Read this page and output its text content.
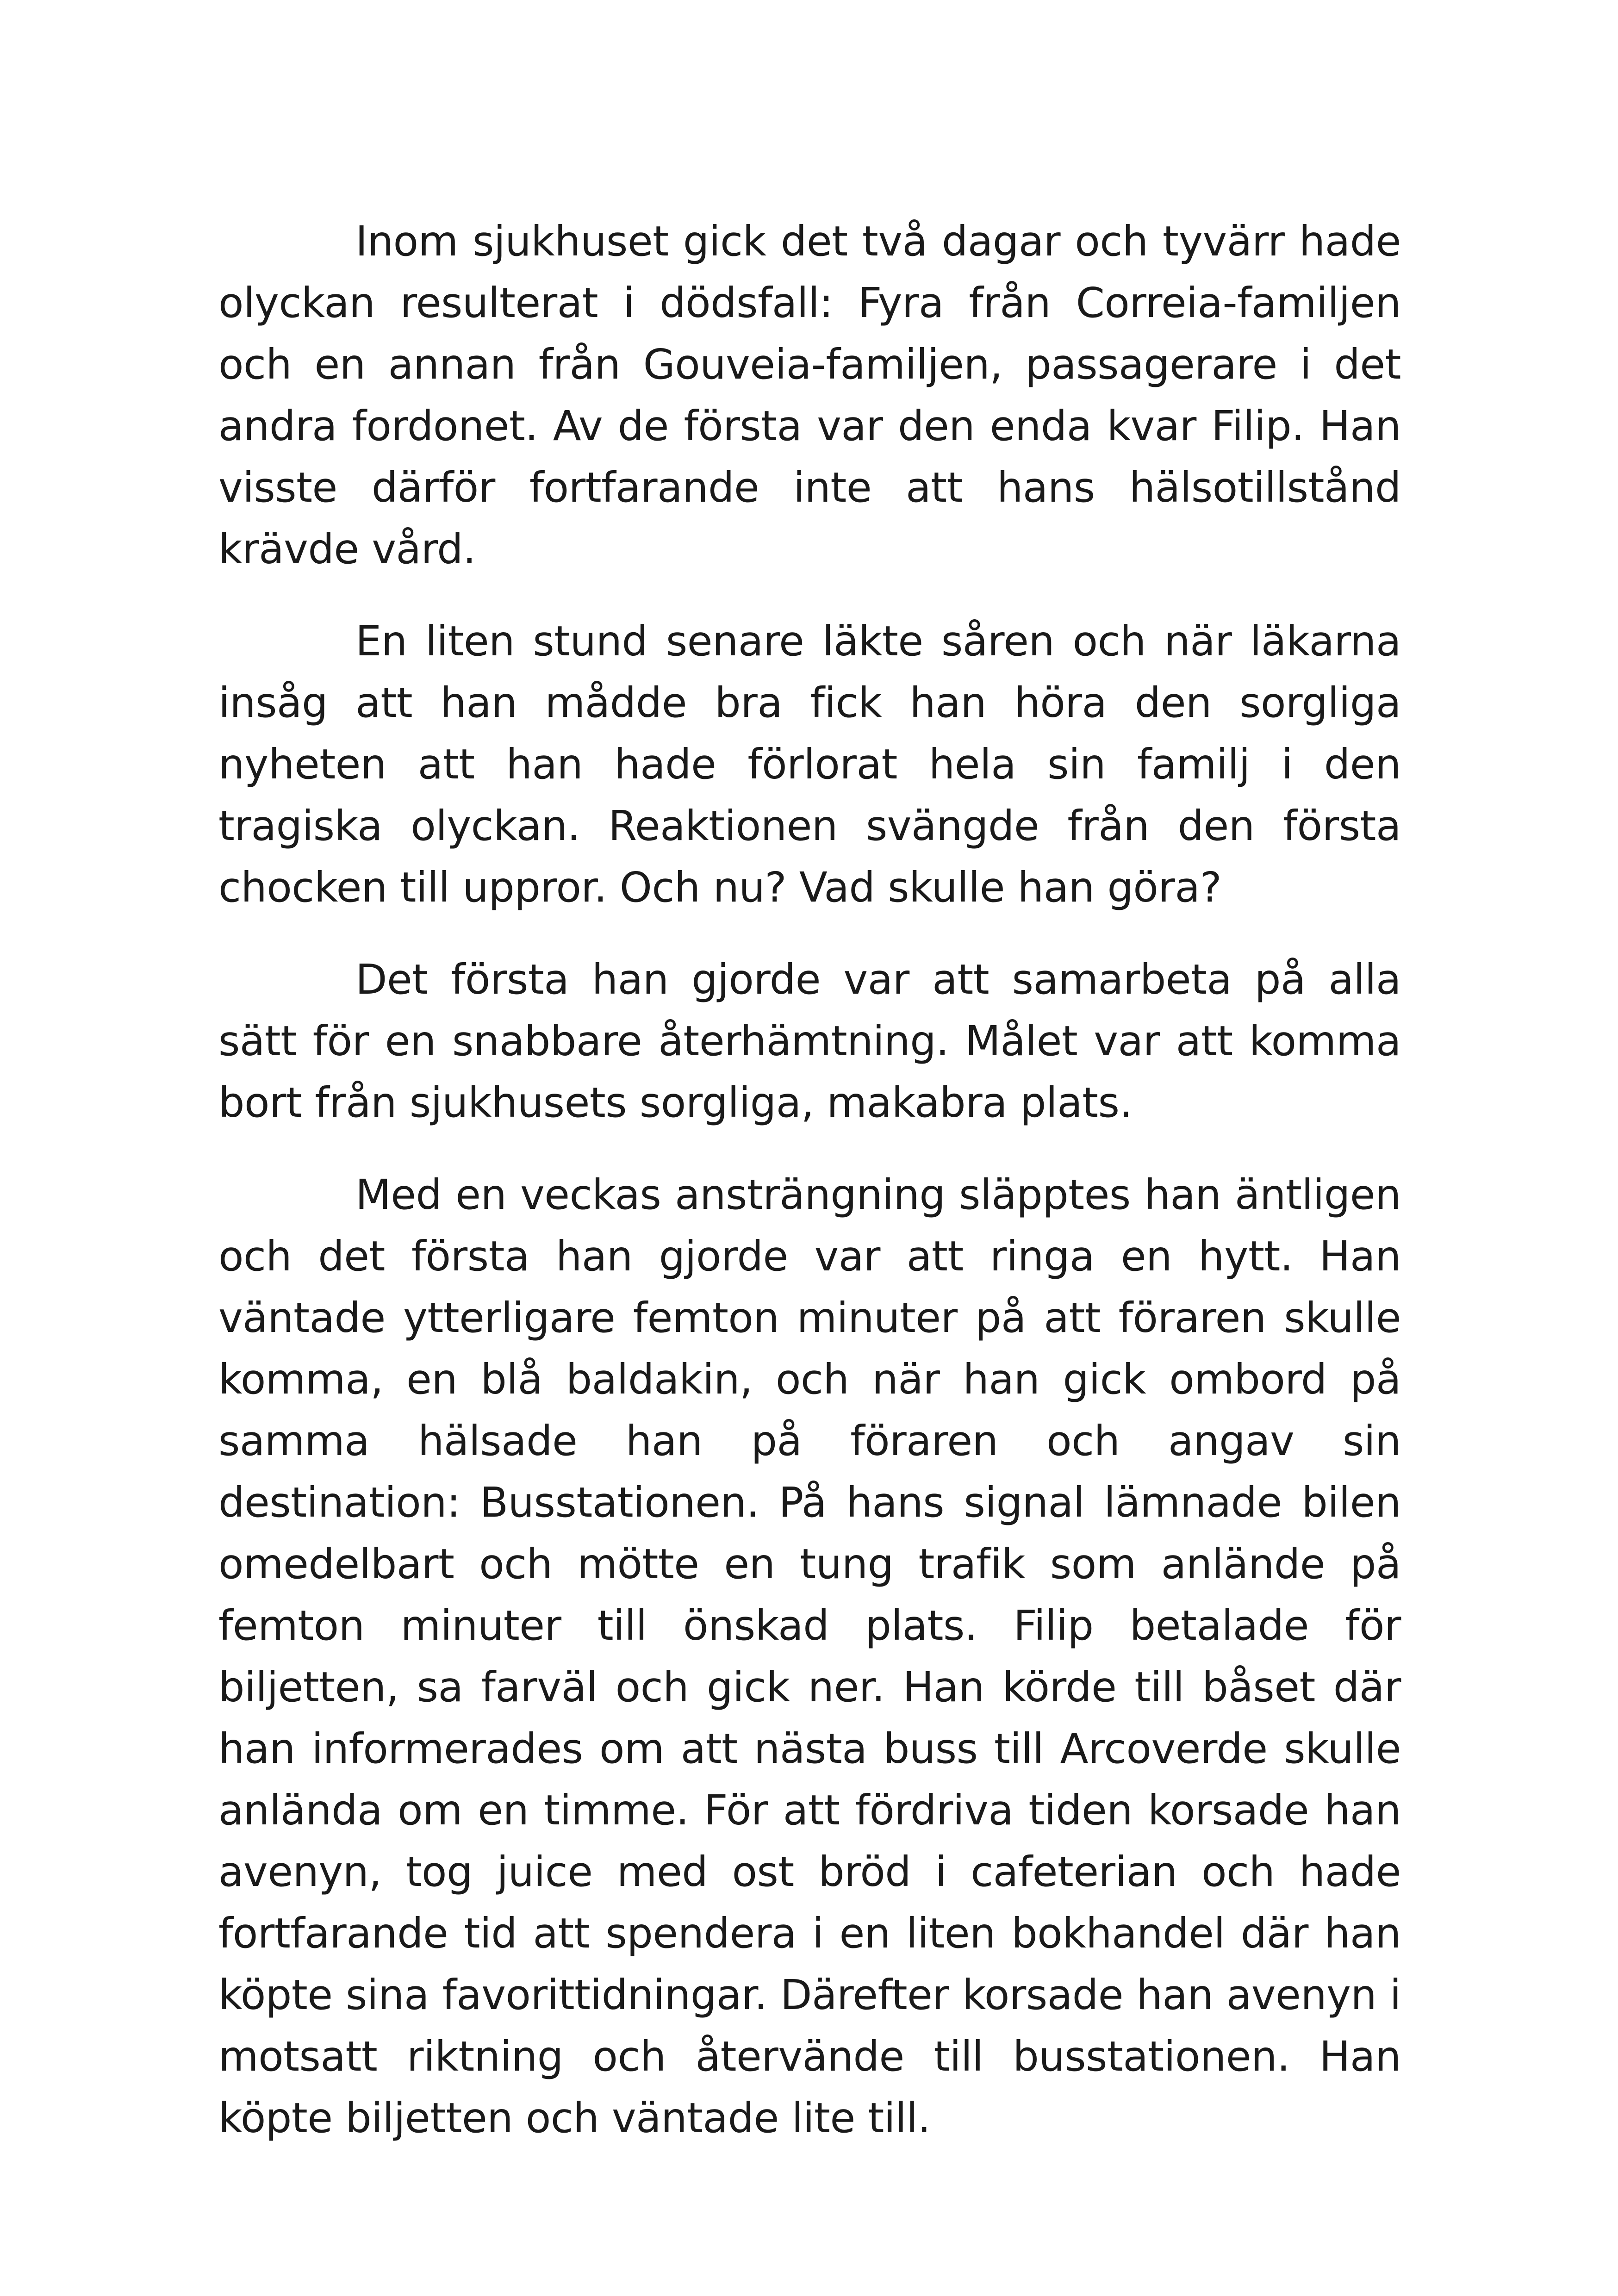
Inom sjukhuset gick det två dagar och tyvärr hade olyckan resulterat i dödsfall: Fyra från Correia-familjen och en annan från Gouveia-familjen, passagerare i det andra fordonet. Av de första var den enda kvar Filip. Han visste därför fortfarande inte att hans hälsotillstånd krävde vård.

En liten stund senare läkte såren och när läkarna insåg att han mådde bra fick han höra den sorgliga nyheten att han hade förlorat hela sin familj i den tragiska olyckan. Reaktionen svängde från den första chocken till uppror. Och nu? Vad skulle han göra?

Det första han gjorde var att samarbeta på alla sätt för en snabbare återhämtning. Målet var att komma bort från sjukhusets sorgliga, makabra plats.

Med en veckas ansträngning släpptes han äntligen och det första han gjorde var att ringa en hytt. Han väntade ytterligare femton minuter på att föraren skulle komma, en blå baldakin, och när han gick ombord på samma hälsade han på föraren och angav sin destination: Busstationen. På hans signal lämnade bilen omedelbart och mötte en tung trafik som anlände på femton minuter till önskad plats. Filip betalade för biljetten, sa farväl och gick ner. Han körde till båset där han informerades om att nästa buss till Arcoverde skulle anlända om en timme. För att fördriva tiden korsade han avenyn, tog juice med ost bröd i cafeterian och hade fortfarande tid att spendera i en liten bokhandel där han köpte sina favorittidningar. Därefter korsade han avenyn i motsatt riktning och återvände till busstationen. Han köpte biljetten och väntade lite till.
